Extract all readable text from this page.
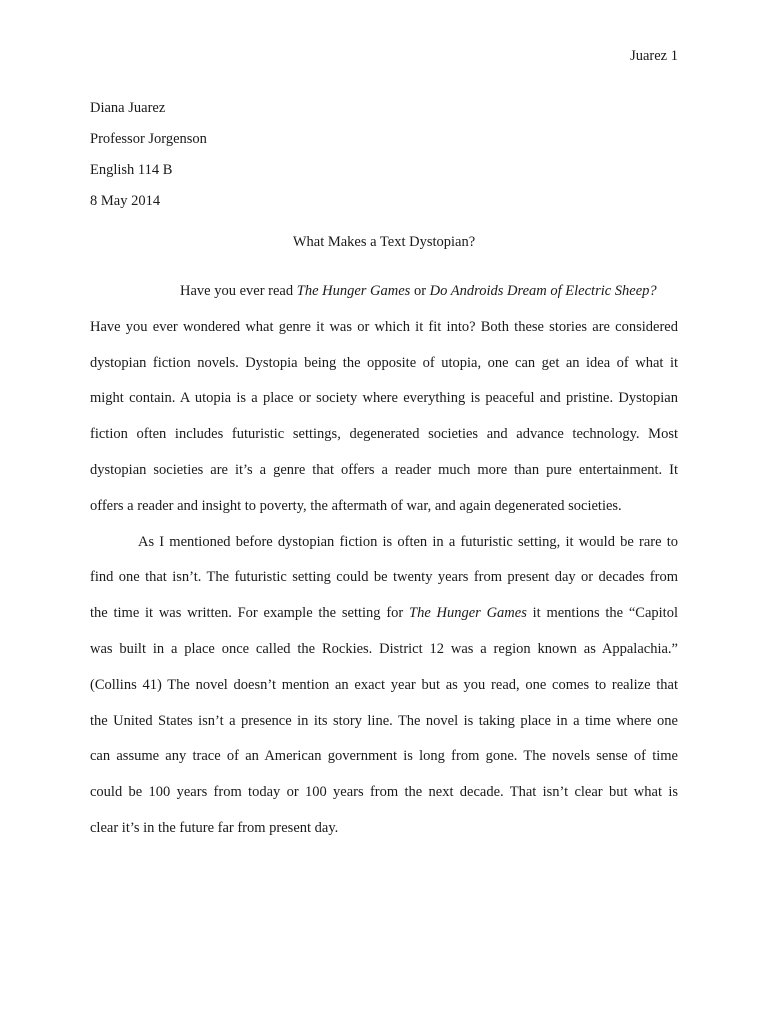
Juarez 1
Diana Juarez
Professor Jorgenson
English 114 B
8 May 2014
What Makes a Text Dystopian?
Have you ever read The Hunger Games or Do Androids Dream of Electric Sheep?
Have you ever wondered what genre it was or which it fit into? Both these stories are considered
dystopian fiction novels. Dystopia being the opposite of utopia, one can get an idea of what it
might contain. A utopia is a place or society where everything is peaceful and pristine. Dystopian
fiction often includes futuristic settings, degenerated societies and advance technology. Most
dystopian societies are it’s a genre that offers a reader much more than pure entertainment. It
offers a reader and insight to poverty, the aftermath of war, and again degenerated societies.
As I mentioned before dystopian fiction is often in a futuristic setting, it would be rare to
find one that isn’t. The futuristic setting could be twenty years from present day or decades from
the time it was written. For example the setting for The Hunger Games it mentions the “Capitol
was built in a place once called the Rockies. District 12 was a region known as Appalachia.”
(Collins 41) The novel doesn’t mention an exact year but as you read, one comes to realize that
the United States isn’t a presence in its story line. The novel is taking place in a time where one
can assume any trace of an American government is long from gone. The novels sense of time
could be 100 years from today or 100 years from the next decade. That isn’t clear but what is
clear it’s in the future far from present day.
